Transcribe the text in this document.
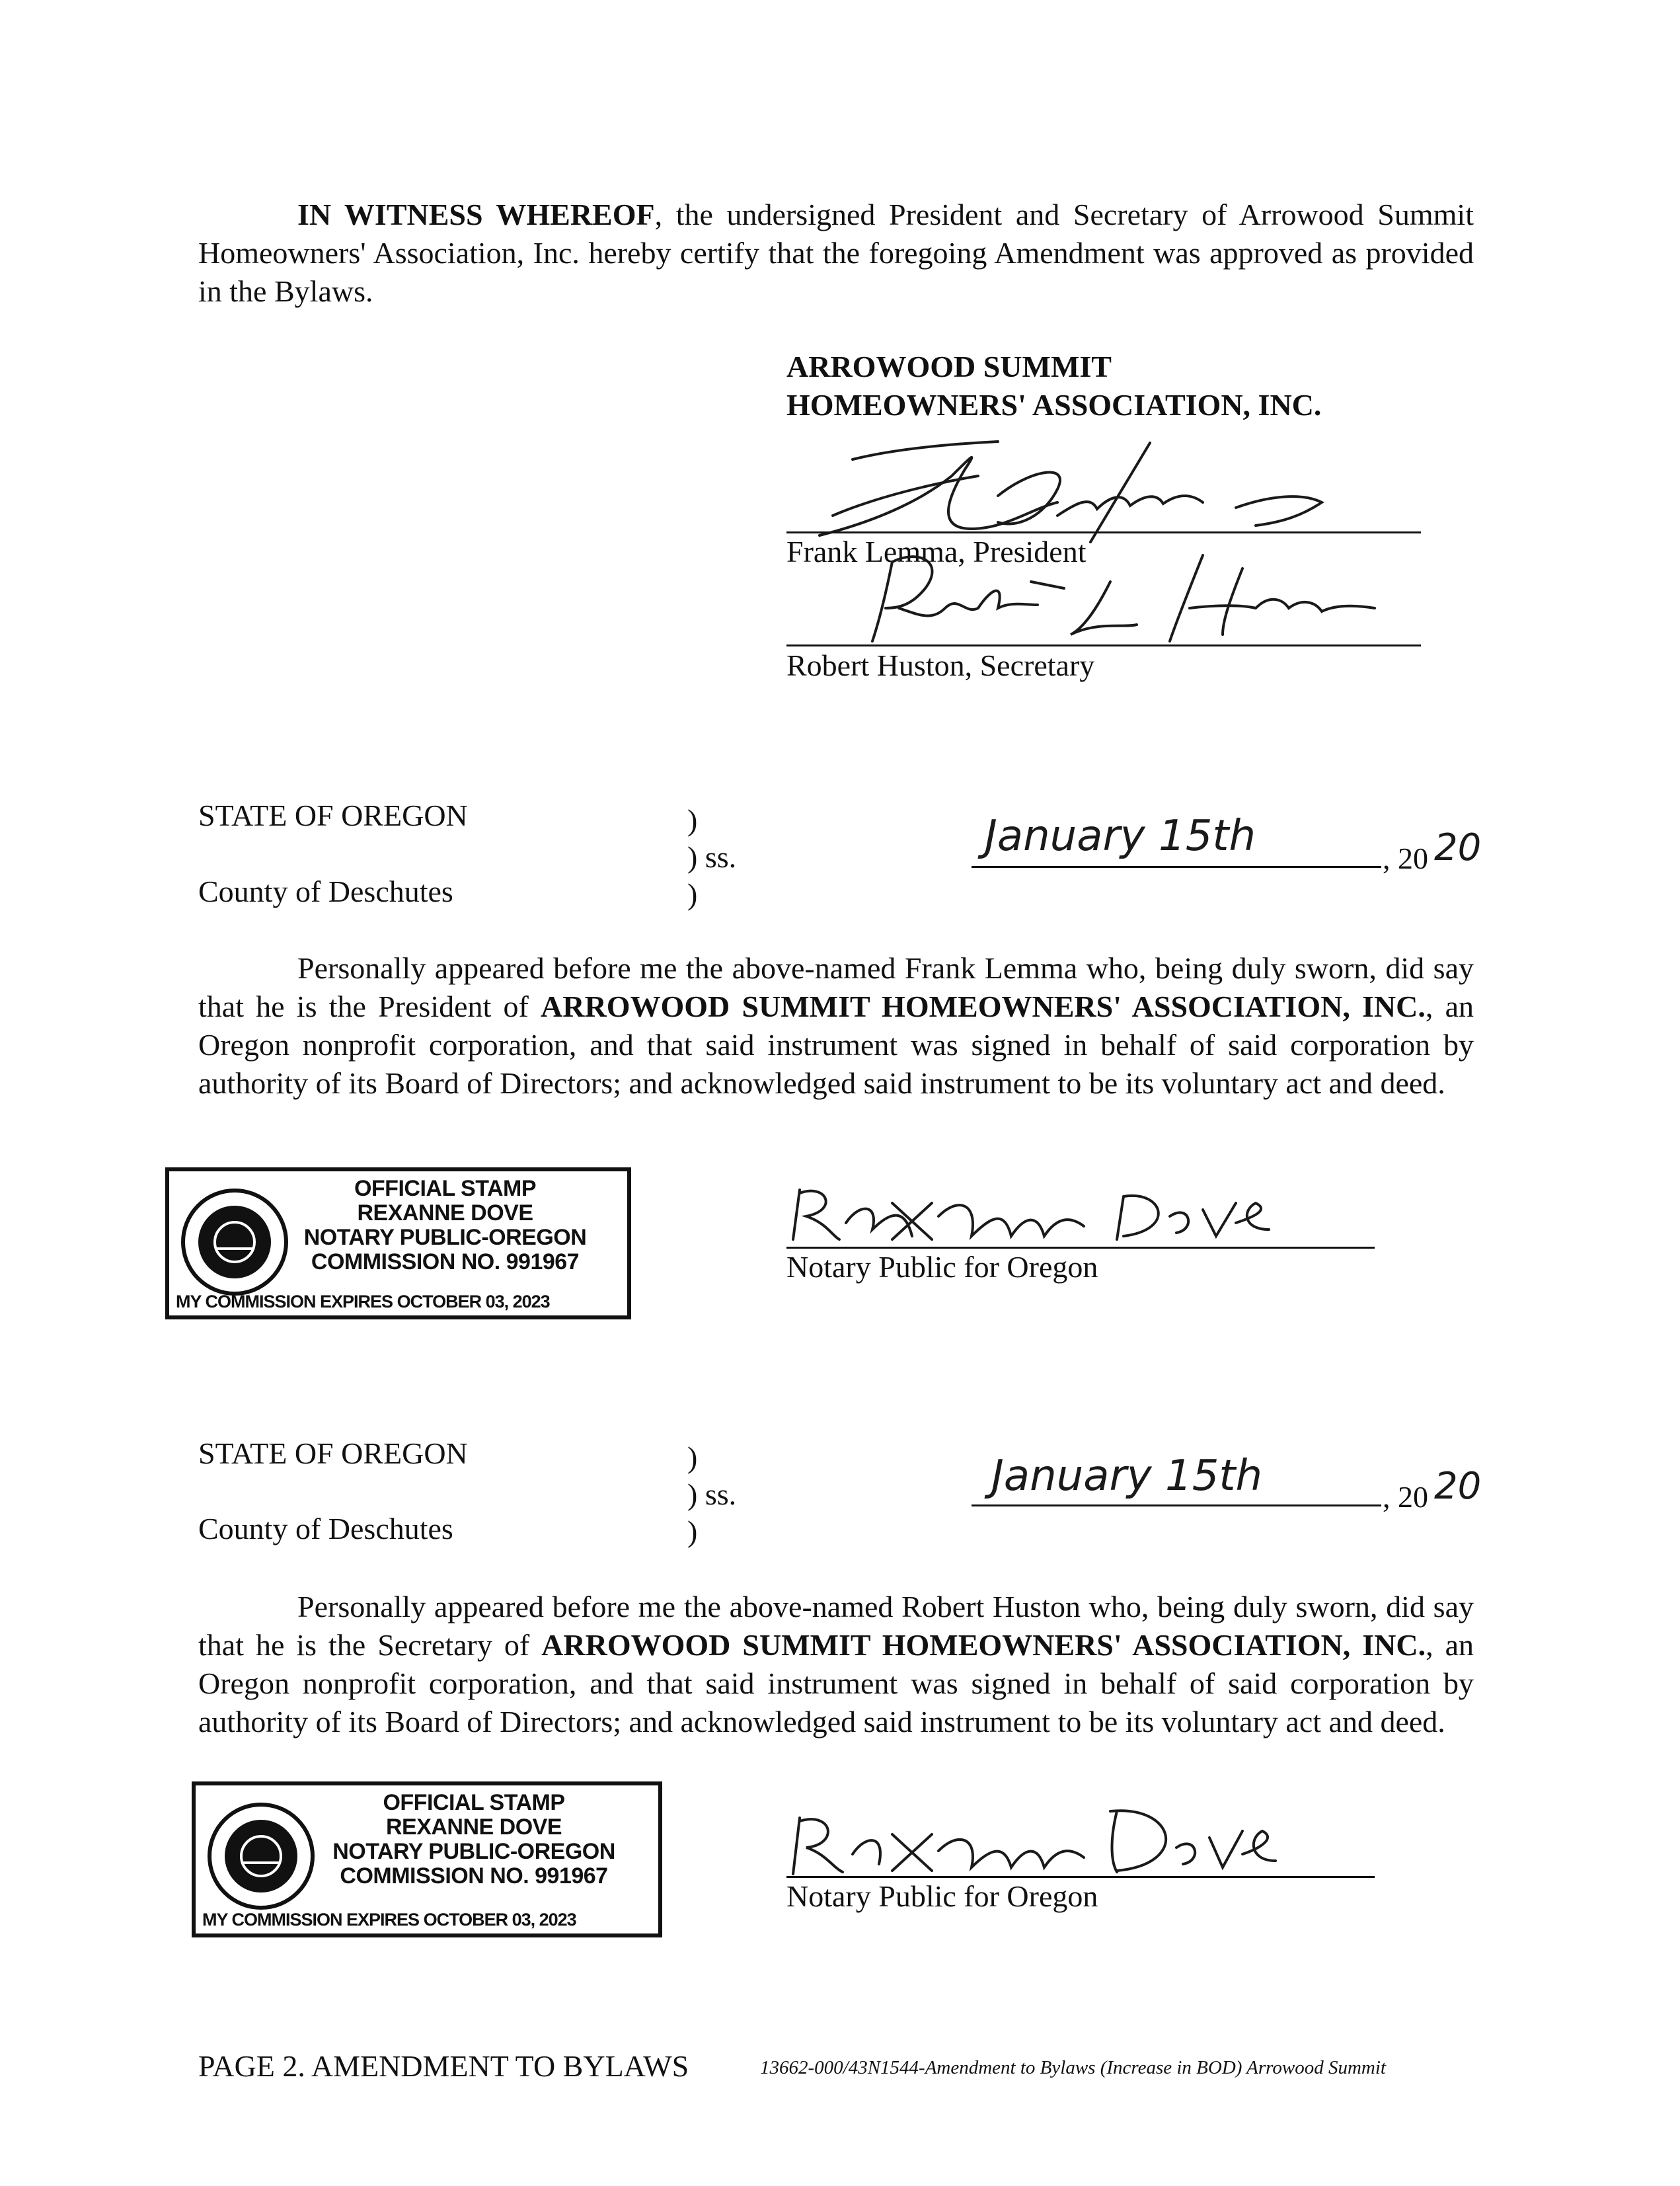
IN WITNESS WHEREOF, the undersigned President and Secretary of Arrowood Summit Homeowners' Association, Inc. hereby certify that the foregoing Amendment was approved as provided in the Bylaws.

ARROWOOD SUMMIT
HOMEOWNERS' ASSOCIATION, INC.
Frank Lemma, President
Robert Huston, Secretary
STATE OF OREGON	)
) ss.
)
County of Deschutes
January 15th	, 20 20

Personally appeared before me the above-named Frank Lemma who, being duly sworn, did say that he is the President of ARROWOOD SUMMIT HOMEOWNERS' ASSOCIATION, INC., an Oregon nonprofit corporation, and that said instrument was signed in behalf of said corporation by authority of its Board of Directors; and acknowledged said instrument to be its voluntary act and deed.

OFFICIAL STAMP
REXANNE DOVE
NOTARY PUBLIC-OREGON
COMMISSION NO. 991967
MY COMMISSION EXPIRES OCTOBER 03, 2023
Notary Public for Oregon
STATE OF OREGON	)
) ss.
)
County of Deschutes
January 15th	, 20 20

Personally appeared before me the above-named Robert Huston who, being duly sworn, did say that he is the Secretary of ARROWOOD SUMMIT HOMEOWNERS' ASSOCIATION, INC., an Oregon nonprofit corporation, and that said instrument was signed in behalf of said corporation by authority of its Board of Directors; and acknowledged said instrument to be its voluntary act and deed.

OFFICIAL STAMP
REXANNE DOVE
NOTARY PUBLIC-OREGON
COMMISSION NO. 991967
MY COMMISSION EXPIRES OCTOBER 03, 2023
Notary Public for Oregon
PAGE 2. AMENDMENT TO BYLAWS	13662-000/43N1544-Amendment to Bylaws (Increase in BOD) Arrowood Summit
